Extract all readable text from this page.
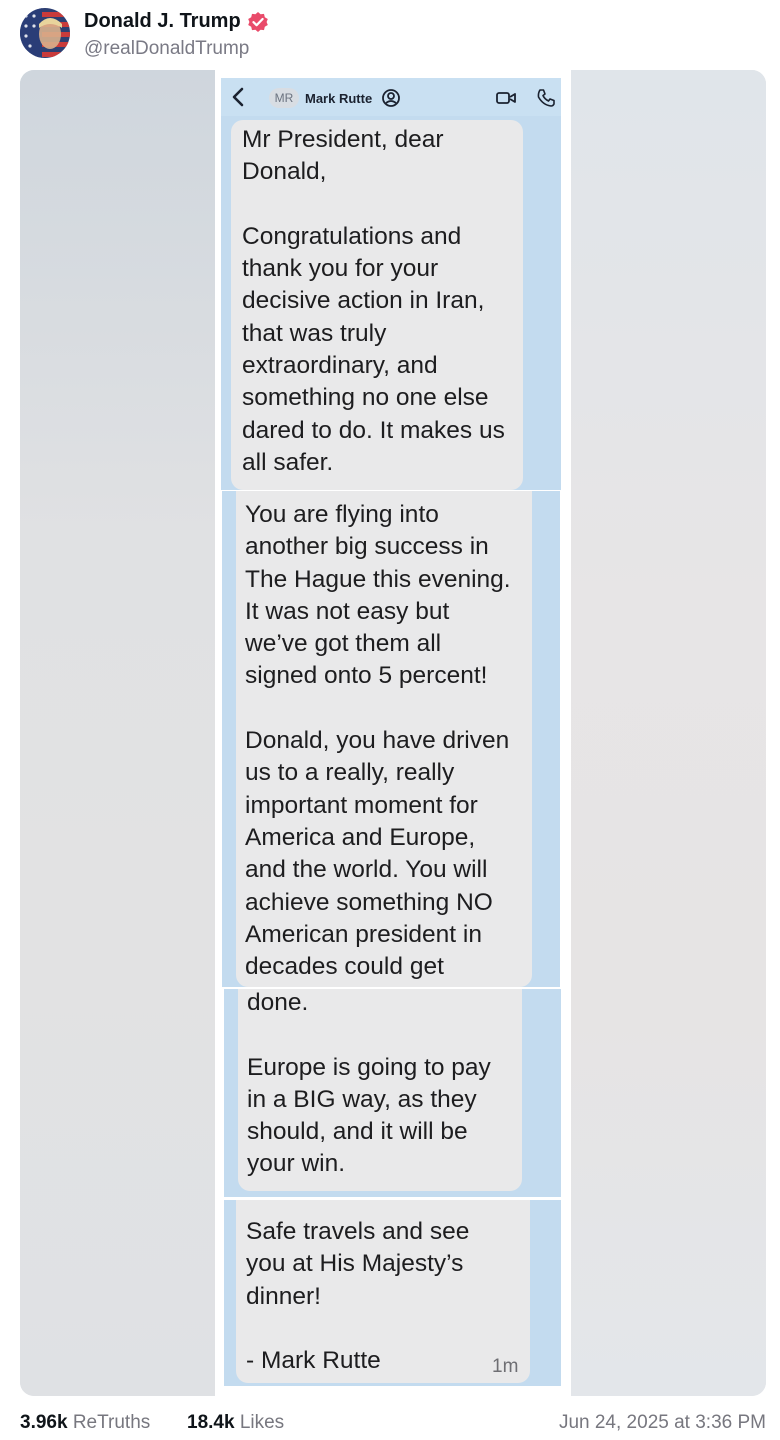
Donald J. Trump
@realDonaldTrump
MR Mark Rutte
Mr President, dear
Donald,

Congratulations and
thank you for your
decisive action in Iran,
that was truly
extraordinary, and
something no one else
dared to do. It makes us
all safer.
You are flying into
another big success in
The Hague this evening.
It was not easy but
we’ve got them all
signed onto 5 percent!

Donald, you have driven
us to a really, really
important moment for
America and Europe,
and the world. You will
achieve something NO
American president in
decades could get
done.

Europe is going to pay
in a BIG way, as they
should, and it will be
your win.
Safe travels and see
you at His Majesty’s
dinner!

- Mark Rutte	1m
3.96k ReTruths 18.4k Likes	Jun 24, 2025 at 3:36 PM
